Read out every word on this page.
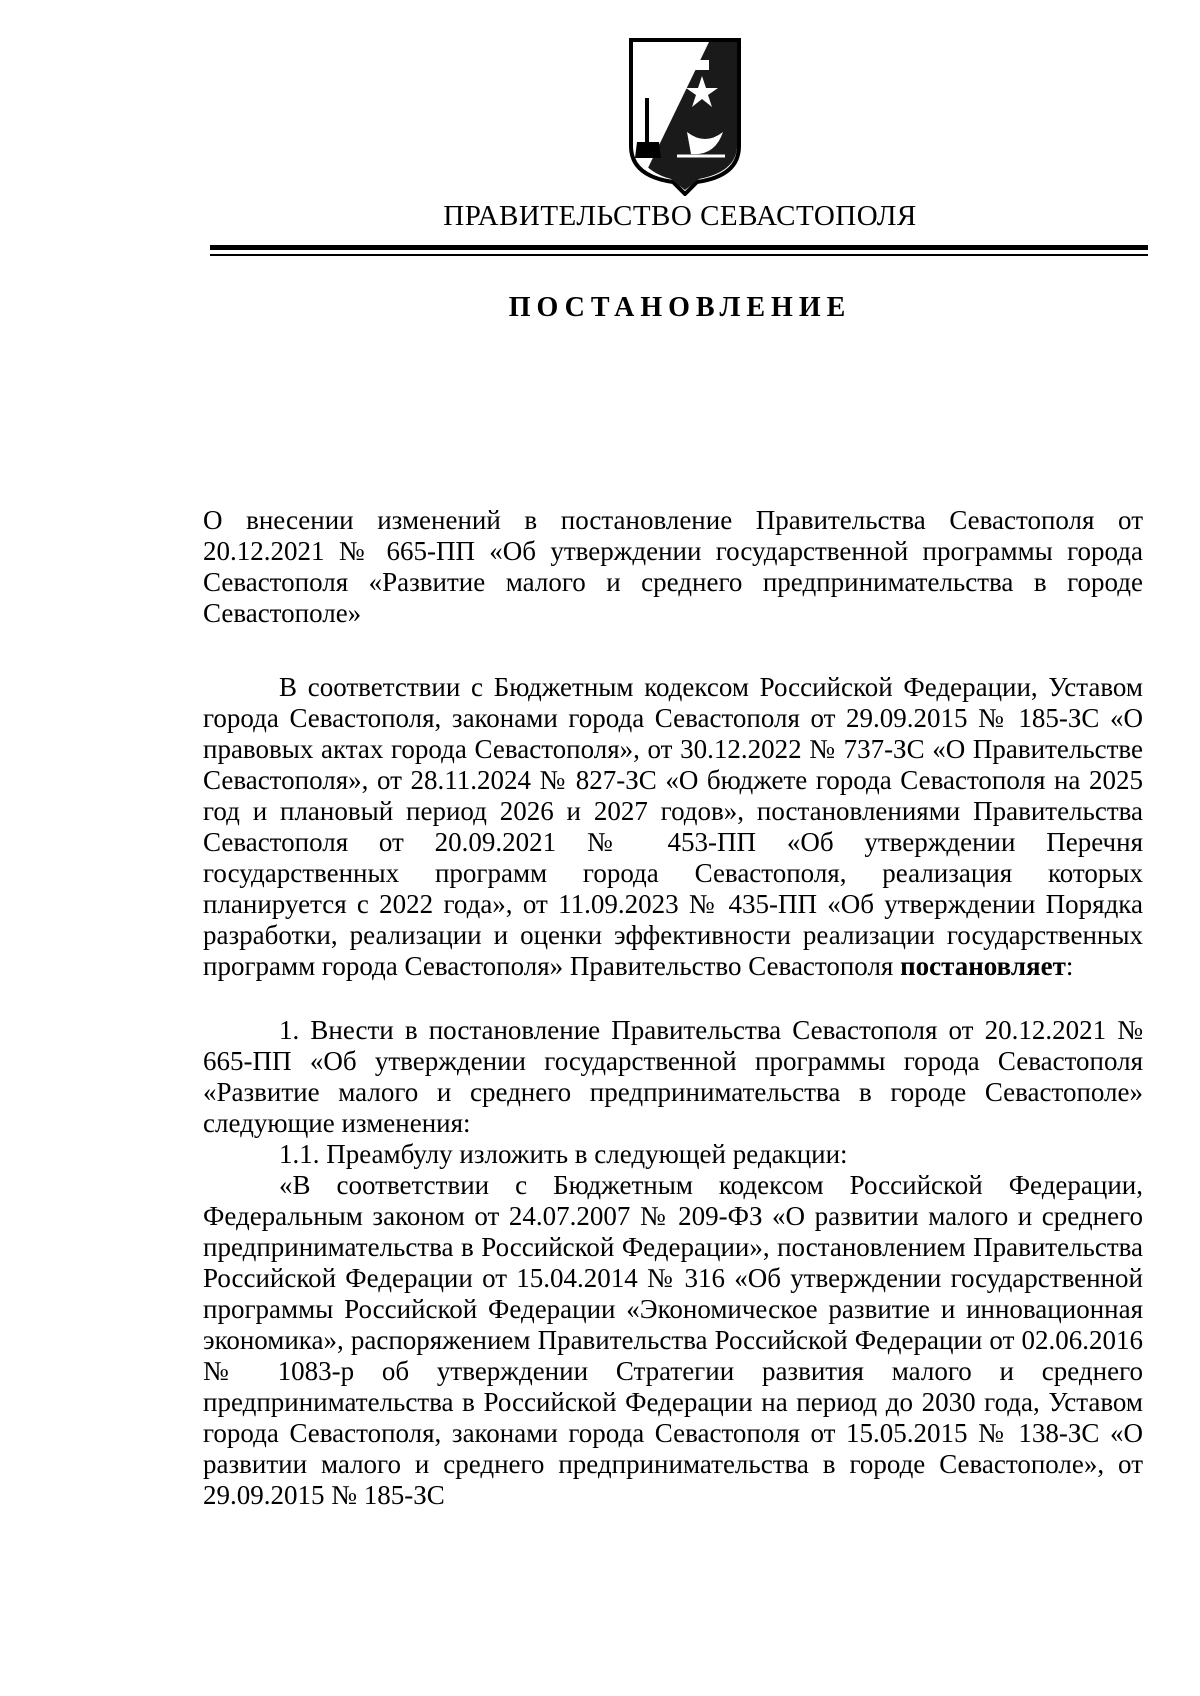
ПРАВИТЕЛЬСТВО СЕВАСТОПОЛЯ
ПОСТАНОВЛЕНИЕ
О внесении изменений в постановление Правительства Севастополя от 20.12.2021 № 665-ПП «Об утверждении государственной программы города Севастополя «Развитие малого и среднего предпринимательства в городе Севастополе»

В соответствии с Бюджетным кодексом Российской Федерации, Уставом города Севастополя, законами города Севастополя от 29.09.2015 № 185-ЗС «О правовых актах города Севастополя», от 30.12.2022 № 737-ЗС «О Правительстве Севастополя», от 28.11.2024 № 827-ЗС «О бюджете города Севастополя на 2025 год и плановый период 2026 и 2027 годов», постановлениями Правительства Севастополя от 20.09.2021 № 453-ПП «Об утверждении Перечня государственных программ города Севастополя, реализация которых планируется с 2022 года», от 11.09.2023 № 435-ПП «Об утверждении Порядка разработки, реализации и оценки эффективности реализации государственных программ города Севастополя» Правительство Севастополя постановляет:

1. Внести в постановление Правительства Севастополя от 20.12.2021 № 665-ПП «Об утверждении государственной программы города Севастополя «Развитие малого и среднего предпринимательства в городе Севастополе» следующие изменения:

1.1. Преамбулу изложить в следующей редакции:

«В соответствии с Бюджетным кодексом Российской Федерации, Федеральным законом от 24.07.2007 № 209-ФЗ «О развитии малого и среднего предпринимательства в Российской Федерации», постановлением Правительства Российской Федерации от 15.04.2014 № 316 «Об утверждении государственной программы Российской Федерации «Экономическое развитие и инновационная экономика», распоряжением Правительства Российской Федерации от 02.06.2016 № 1083-р об утверждении Стратегии развития малого и среднего предпринимательства в Российской Федерации на период до 2030 года, Уставом города Севастополя, законами города Севастополя от 15.05.2015 № 138-ЗС «О развитии малого и среднего предпринимательства в городе Севастополе», от 29.09.2015 № 185-ЗС
